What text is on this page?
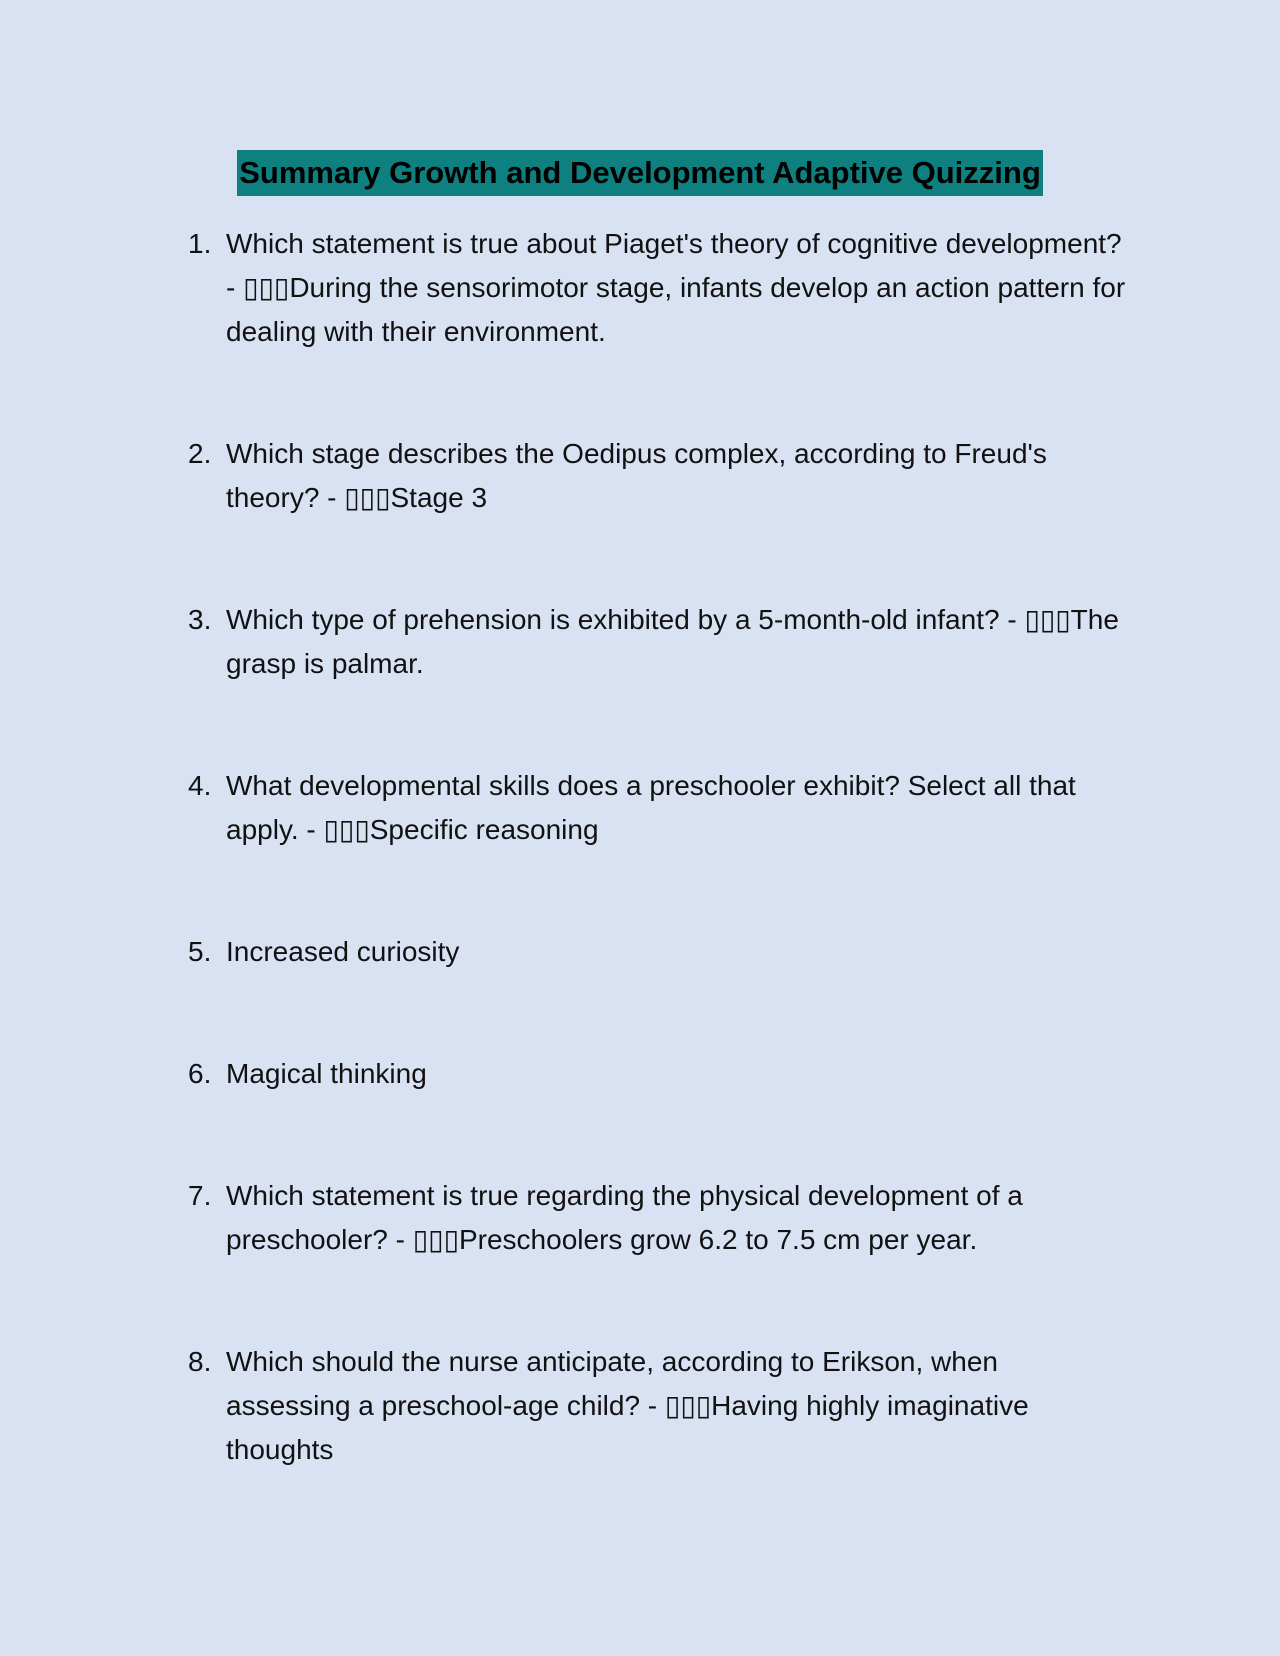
Summary Growth and Development Adaptive Quizzing
1. Which statement is true about Piaget's theory of cognitive development? - ▯▯▯During the sensorimotor stage, infants develop an action pattern for dealing with their environment.
2. Which stage describes the Oedipus complex, according to Freud's theory? - ▯▯▯Stage 3
3. Which type of prehension is exhibited by a 5-month-old infant? - ▯▯▯The grasp is palmar.
4. What developmental skills does a preschooler exhibit? Select all that apply. - ▯▯▯Specific reasoning
5. Increased curiosity
6. Magical thinking
7. Which statement is true regarding the physical development of a preschooler? - ▯▯▯Preschoolers grow 6.2 to 7.5 cm per year.
8. Which should the nurse anticipate, according to Erikson, when assessing a preschool-age child? - ▯▯▯Having highly imaginative thoughts
